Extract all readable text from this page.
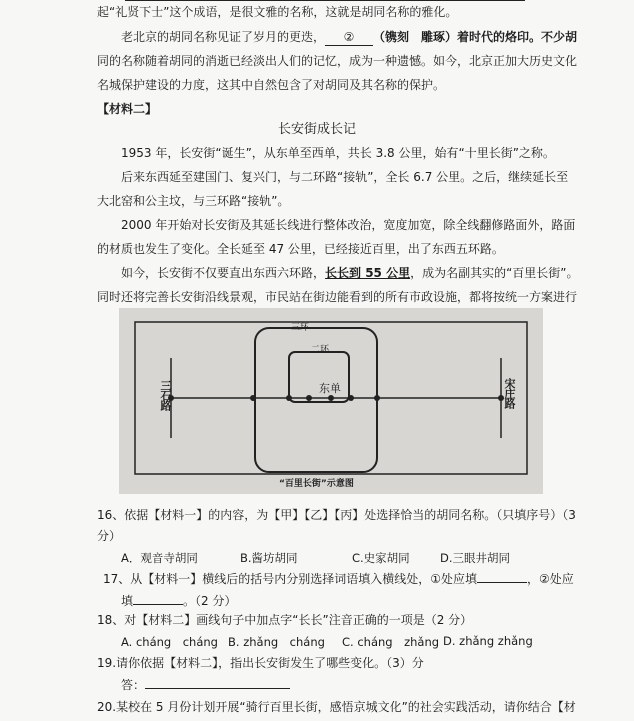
起“礼贤下士”这个成语，是很文雅的名称，这就是胡同名称的雅化。
老北京的胡同名称见证了岁月的更迭， ② （镌刻　雕琢）着时代的烙印。不少胡
同的名称随着胡同的消逝已经淡出人们的记忆，成为一种遗憾。如今，北京正加大历史文化
名城保护建设的力度，这其中自然包含了对胡同及其名称的保护。
【材料二】
长安街成长记
1953 年，长安街“诞生”，从东单至西单，共长 3.8 公里，始有“十里长街”之称。
后来东西延至建国门、复兴门，与二环路“接轨”，全长 6.7 公里。之后，继续延长至
大北窑和公主坟，与三环路“接轨”。
2000 年开始对长安街及其延长线进行整体改治，宽度加宽，除全线翻修路面外，路面
的材质也发生了变化。全长延至 47 公里，已经接近百里，出了东西五环路。
如今，长安街不仅要直出东西六环路，长长到 55 公里，成为名副其实的“百里长街”。
同时还将完善长安街沿线景观，市民站在街边能看到的所有市政设施，都将按统一方案进行
三环
二环
东单
三石路	宋庄路
“百里长街”示意图
16、依据【材料一】的内容，为【甲】【乙】【丙】处选择恰当的胡同名称。（只填序号）（3
分）
A．观音寺胡同	B.酱坊胡同	C.史家胡同	D.三眼井胡同
17、从【材料一】横线后的括号内分别选择词语填入横线处，①处应填	，②处应
填	。（2 分）
18、对【材料二】画线句子中加点字“长长”注音正确的一项是（2 分）
A. cháng　cháng B. zhǎng　cháng C. cháng　zhǎng D. zhǎng zhǎng
19.请你依据【材料二】，指出长安街发生了哪些变化。（3）分
答：
20.某校在 5 月份计划开展“骑行百里长街，感悟京城文化”的社会实践活动，请你结合【材
